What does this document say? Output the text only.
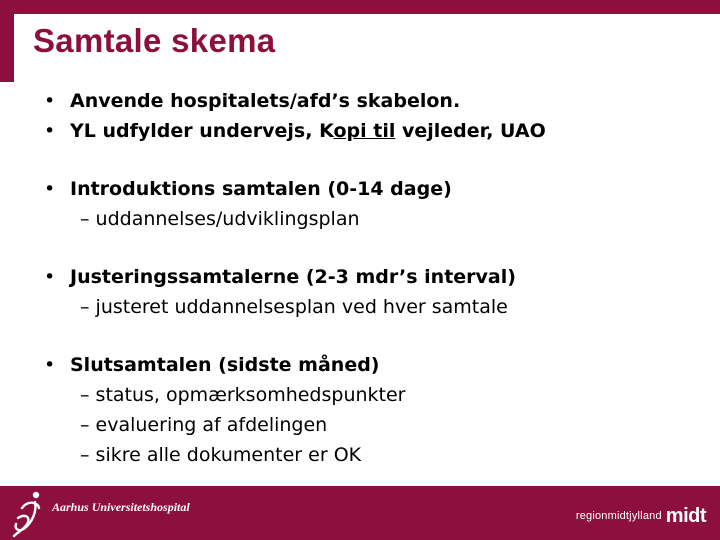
Samtale skema
• Anvende hospitalets/afd’s skabelon.
• YL udfylder undervejs, Kopi til vejleder, UAO
• Introduktions samtalen (0-14 dage)
– uddannelses/udviklingsplan
• Justeringssamtalerne (2-3 mdr’s interval)
– justeret uddannelsesplan ved hver samtale
• Slutsamtalen (sidste måned)
– status, opmærksomhedspunkter
– evaluering af afdelingen
– sikre alle dokumenter er OK
Aarhus Universitetshospital
regionmidtjylland midt
